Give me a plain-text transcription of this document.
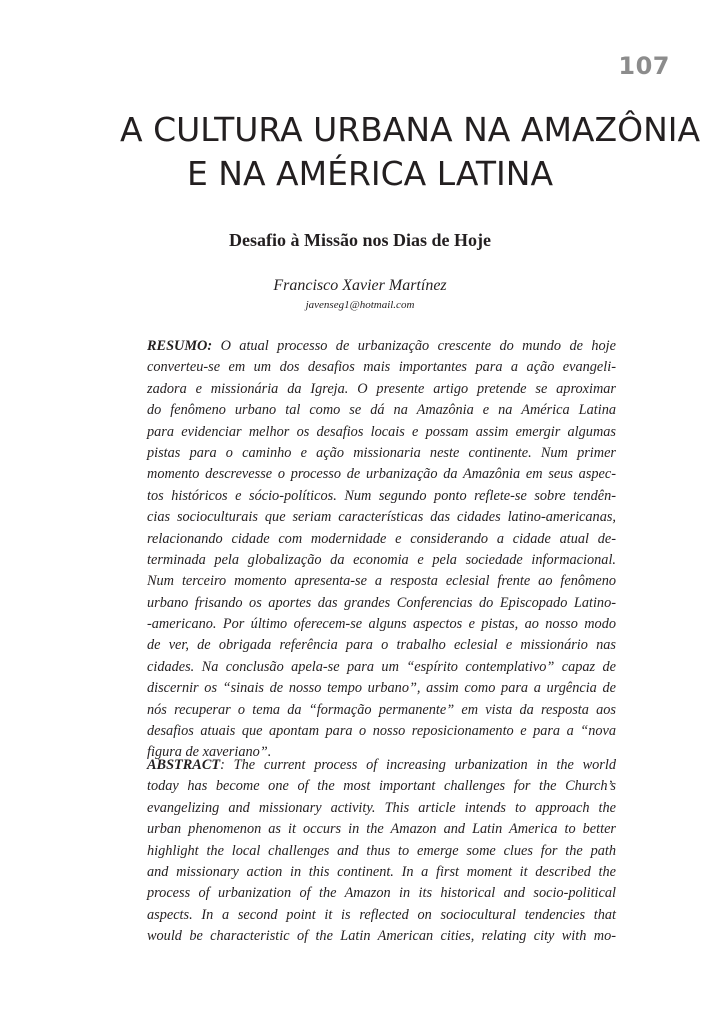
107
A CULTURA URBANA NA AMAZÔNIA
E NA AMÉRICA LATINA
Desafio à Missão nos Dias de Hoje
Francisco Xavier Martínez
javenseg1@hotmail.com
RESUMO: O atual processo de urbanização crescente do mundo de hoje
converteu-se em um dos desafios mais importantes para a ação evangeli-
zadora e missionária da Igreja. O presente artigo pretende se aproximar
do fenômeno urbano tal como se dá na Amazônia e na América Latina
para evidenciar melhor os desafios locais e possam assim emergir algumas
pistas para o caminho e ação missionaria neste continente. Num primer
momento descrevesse o processo de urbanização da Amazônia em seus aspec-
tos históricos e sócio-políticos. Num segundo ponto reflete-se sobre tendên-
cias socioculturais que seriam características das cidades latino-americanas,
relacionando cidade com modernidade e considerando a cidade atual de-
terminada pela globalização da economia e pela sociedade informacional.
Num terceiro momento apresenta-se a resposta eclesial frente ao fenômeno
urbano frisando os aportes das grandes Conferencias do Episcopado Latino-
-americano. Por último oferecem-se alguns aspectos e pistas, ao nosso modo
de ver, de obrigada referência para o trabalho eclesial e missionário nas
cidades. Na conclusão apela-se para um “espírito contemplativo” capaz de
discernir os “sinais de nosso tempo urbano”, assim como para a urgência de
nós recuperar o tema da “formação permanente” em vista da resposta aos
desafios atuais que apontam para o nosso reposicionamento e para a “nova
figura de xaveriano”.
ABSTRACT: The current process of increasing urbanization in the world
today has become one of the most important challenges for the Church’s
evangelizing and missionary activity. This article intends to approach the
urban phenomenon as it occurs in the Amazon and Latin America to better
highlight the local challenges and thus to emerge some clues for the path
and missionary action in this continent. In a first moment it described the
process of urbanization of the Amazon in its historical and socio-political
aspects. In a second point it is reflected on sociocultural tendencies that
would be characteristic of the Latin American cities, relating city with mo-
